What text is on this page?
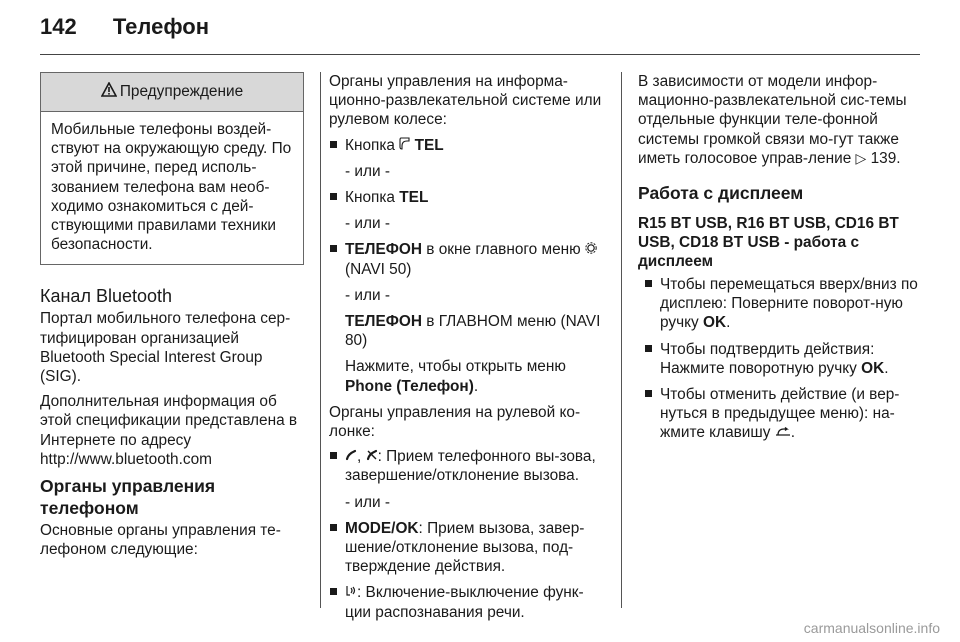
142 Телефон
Предупреждение
Мобильные телефоны воздей-ствуют на окружающую среду. По этой причине, перед исполь-зованием телефона вам необ-ходимо ознакомиться с дей-ствующими правилами техники безопасности.
Канал Bluetooth

Портал мобильного телефона сер-тифицирован организацией Bluetooth Special Interest Group (SIG).

Дополнительная информация об этой спецификации представлена в Интернете по адресу http://www.bluetooth.com

Органы управления телефоном

Основные органы управления те-лефоном следующие:

Органы управления на информа-ционно-развлекательной системе или рулевом колесе:

Кнопка  TEL
- или -
Кнопка TEL
- или -
ТЕЛЕФОН в окне главного меню  (NAVI 50)
- или -
ТЕЛЕФОН в ГЛАВНОМ меню (NAVI 80)
Нажмите, чтобы открыть меню Phone (Телефон).

Органы управления на рулевой ко-лонке:

, : Прием телефонного вы-зова, завершение/отклонение вызова.
- или -
MODE/OK: Прием вызова, завер-шение/отклонение вызова, под-тверждение действия.
: Включение-выключение функ-ции распознавания речи.

В зависимости от модели инфор-мационно-развлекательной сис-темы отдельные функции теле-фонной системы громкой связи мо-гут также иметь голосовое управ-ление ▷ 139.

Работа с дисплеем
R15 BT USB, R16 BT USB, CD16 BT USB, CD18 BT USB - работа с дисплеем
Чтобы перемещаться вверх/вниз по дисплею: Поверните поворот-ную ручку OK.
Чтобы подтвердить действия: Нажмите поворотную ручку OK.
Чтобы отменить действие (и вер-нуться в предыдущее меню): на-жмите клавишу .
carmanualsonline.info
